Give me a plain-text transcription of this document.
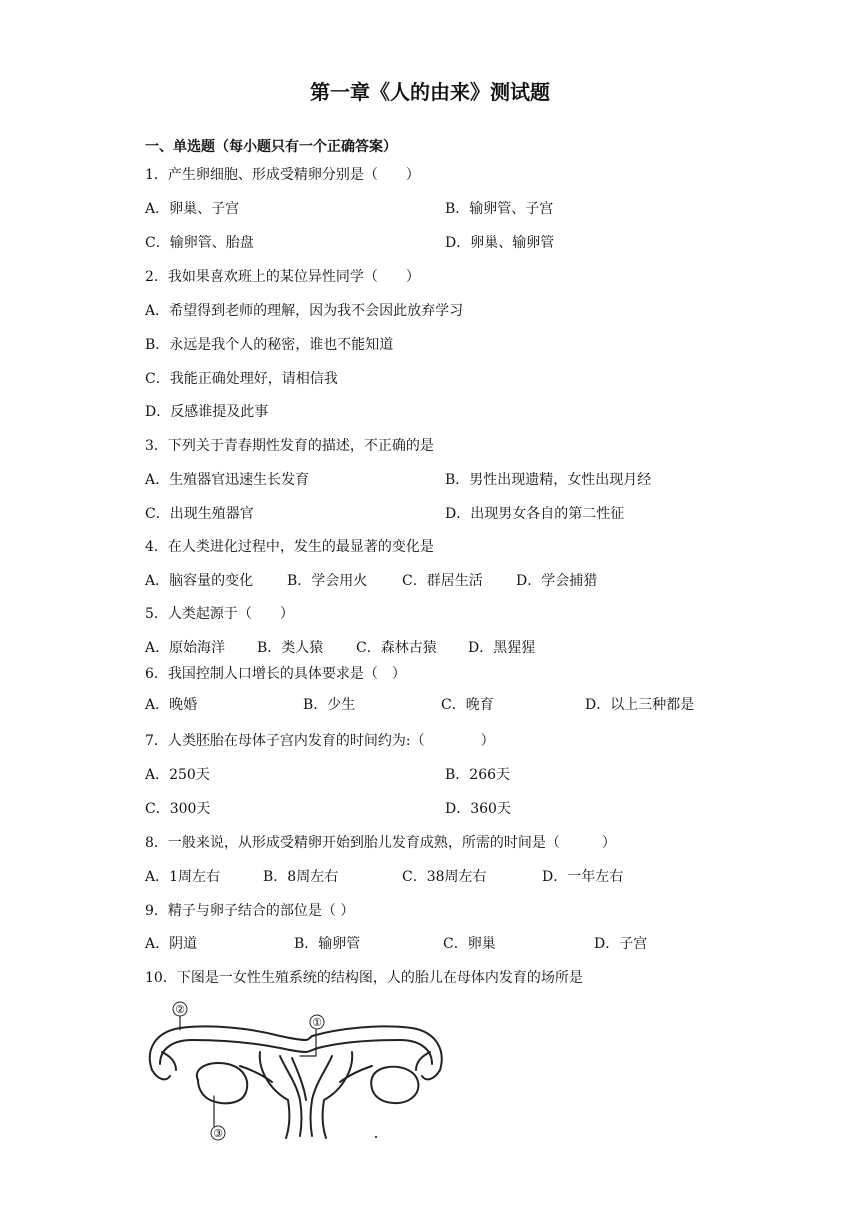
第一章《人的由来》测试题
一、单选题（每小题只有一个正确答案）
1．产生卵细胞、形成受精卵分别是（　　）
A．卵巢、子宫	B．输卵管、子宫
C．输卵管、胎盘	D．卵巢、输卵管
2．我如果喜欢班上的某位异性同学（　　）
A．希望得到老师的理解，因为我不会因此放弃学习
B．永远是我个人的秘密，谁也不能知道
C．我能正确处理好，请相信我
D．反感谁提及此事
3．下列关于青春期性发育的描述，不正确的是
A．生殖器官迅速生长发育	B．男性出现遗精，女性出现月经
C．出现生殖器官	D．出现男女各自的第二性征
4．在人类进化过程中，发生的最显著的变化是
A．脑容量的变化 B．学会用火 C．群居生活 D．学会捕猎
5．人类起源于（　　）
A．原始海洋 B．类人猿 C．森林古猿 D．黑猩猩
6．我国控制人口增长的具体要求是（　）
A．晚婚	B．少生	C．晚育	D．以上三种都是
7．人类胚胎在母体子宫内发育的时间约为:（　　　　）
A．250天	B．266天
C．300天	D．360天
8．一般来说，从形成受精卵开始到胎儿发育成熟，所需的时间是（　　　）
A．1周左右	B．8周左右	C．38周左右	D．一年左右
9．精子与卵子结合的部位是（ ）
A．阴道	B．输卵管	C．卵巢	D．子宫
10．下图是一女性生殖系统的结构图，人的胎儿在母体内发育的场所是
①
②
③
